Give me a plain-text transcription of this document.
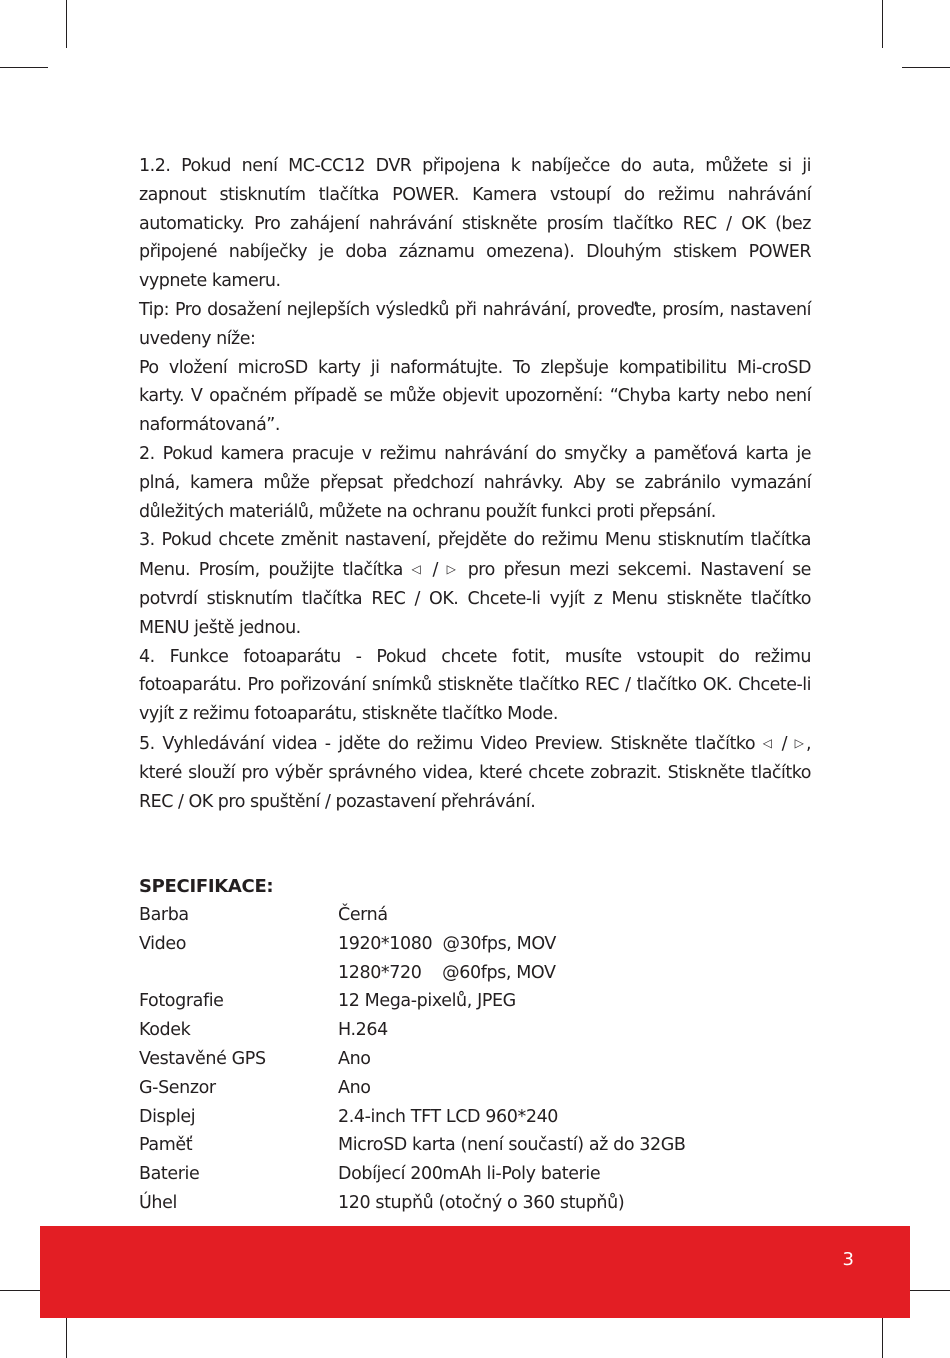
1.2. Pokud není MC-CC12 DVR připojena k nabíječce do auta, můžete si ji zapnout stisknutím tlačítka POWER. Kamera vstoupí do režimu nahrávání automaticky. Pro zahájení nahrávání stiskněte prosím tlačítko REC / OK (bez připojené nabíječky je doba záznamu omezena). Dlouhým stiskem POWER vypnete kameru.

Tip: Pro dosažení nejlepších výsledků při nahrávání, proveďte, prosím, nastavení uvedeny níže:

Po vložení microSD karty ji naformátujte. To zlepšuje kompatibilitu Mi-croSD karty. V opačném případě se může objevit upozornění: “Chyba karty nebo není naformátovaná”.

2. Pokud kamera pracuje v režimu nahrávání do smyčky a paměťová karta je plná, kamera může přepsat předchozí nahrávky. Aby se zabránilo vymazání důležitých materiálů, můžete na ochranu použít funkci proti přepsání.

3. Pokud chcete změnit nastavení, přejděte do režimu Menu stisknutím tlačítka Menu. Prosím, použijte tlačítka ◁ / ▷ pro přesun mezi sekcemi. Nastavení se potvrdí stisknutím tlačítka REC / OK. Chcete-li vyjít z Menu stiskněte tlačítko MENU ještě jednou.

4. Funkce fotoaparátu - Pokud chcete fotit, musíte vstoupit do režimu fotoaparátu. Pro pořizování snímků stiskněte tlačítko REC / tlačítko OK. Chcete-li vyjít z režimu fotoaparátu, stiskněte tlačítko Mode.

5. Vyhledávání videa - jděte do režimu Video Preview. Stiskněte tlačítko ◁ / ▷, které slouží pro výběr správného videa, které chcete zobrazit. Stiskněte tlačítko REC / OK pro spuštění / pozastavení přehrávání.

SPECIFIKACE:
Barba	Černá
Video	1920*1080  @30fps, MOV
1280*720    @60fps, MOV
Fotografie	12 Mega-pixelů, JPEG
Kodek	H.264
Vestavěné GPS	Ano
G-Senzor	Ano
Displej	2.4-inch TFT LCD 960*240
Paměť	MicroSD karta (není součastí) až do 32GB
Baterie	Dobíjecí 200mAh li-Poly baterie
Úhel	120 stupňů (otočný o 360 stupňů)
3
